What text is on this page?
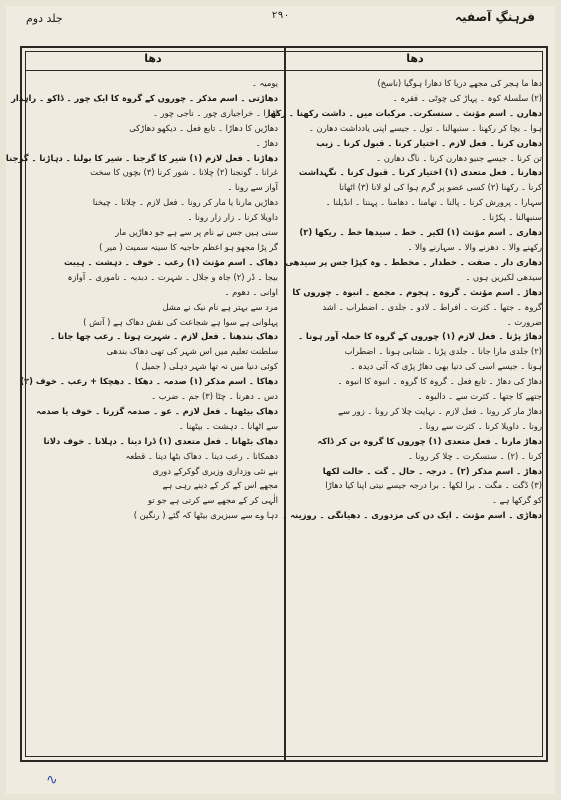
جلد دوم	۲۹۰	فرہنگِ آصفیہ
دھا	دھا
دھا ما ہجر کی مجھے دریا کا دھارا ہوگیا (ناسخ)
(۲) سلسلۂ کوہ ۔ پہاڑ کی چوٹی ۔ فقرہ ۔
دھارن ۔ اسم مؤنث ۔ سنسکرت۔ مرکبات میں ۔ داشت رکھنا ۔ رکھا
ہوا ۔ بچا کر رکھنا ۔ سنبھالنا ۔ تول ۔ جیسے اپنی یادداشت دھارن ۔
دھارن کرنا ۔ فعل لازم ۔ اختیار کرنا ۔ قبول کرنا ۔ زیب
تن کرنا ۔ جیسے جنیو دھارن کرنا ۔ ناگ دھارن ۔
دھارنا ۔ فعل متعدی (۱) اختیار کرنا ۔ قبول کرنا ۔ نگہداشت
کرنا ۔ رکھنا (۲) کسی عضو پر گرم ہوا کی لو لانا (۳) اٹھانا
سہارا ۔ پرورش کرنا ۔ پالنا ۔ تھامنا ۔ دھامنا ۔ پہننا ۔ انڈیلنا ۔
سنبھالنا ۔ پکڑنا ۔
دھاری ۔ اسم مؤنث (۱) لکیر ۔ خط ۔ سیدھا خط ۔ ریکھا (۲)
رکھنے والا ۔ دھرنے والا ۔ سہارنے والا ۔
دھاری دار ۔ صفت ۔ خطدار ۔ مخطط ۔ وہ کپڑا جس پر سیدھی
سیدھی لکیریں ہوں ۔
دھاڑ ۔ اسم مؤنث ۔ گروہ ۔ ہجوم ۔ مجمع ۔ انبوہ ۔ چوروں کا
گروہ ۔ جتھا ۔ کثرت ۔ افراط ۔ لادو ۔ جلدی ۔ اضطراب ۔ اشد
ضرورت ۔
دھاڑ پڑنا ۔ فعل لازم (۱) چوروں کے گروہ کا حملہ آور ہونا ۔
(۲) جلدی مارا جانا ۔ جلدی پڑنا ۔ شتابی ہونا ۔ اضطراب
ہونا ۔ جیسے اسی کی دنیا بھی دھاڑ پڑی کہ آئی دیدہ ۔
دھاڑ کی دھاڑ ۔ تابع فعل ۔ گروہ کا گروہ ۔ انبوہ کا انبوہ ۔
جتھے کا جتھا ۔ کثرت سے ۔ دالبوہ ۔
دھاڑ مار کر رونا ۔ فعل لازم ۔ نہایت چلا کر رونا ۔ زور سے
رونا ۔ داویلا کرنا ۔ کثرت سے رونا ۔
دھاڑ مارنا ۔ فعل متعدی (۱) چوروں کا گروہ بن کر ڈاکہ
کرنا ۔ (۲) ۔ سنسکرت ۔ چلا کر رونا ۔
دھاڑ ۔ اسم مذکر (۲) ۔ درجہ ۔ حال ۔ گت ۔ حالت لکھا
(۳) ڈگت ۔ مگت ۔ برا لکھا ۔ برا درجہ جیسے نیتی اپنا کیا دھاڑا
کو گرکھا ہے ۔
دھاڑی ۔ اسم مؤنث ۔ ایک دن کی مزدوری ۔ دھیانگی ۔ روزینہ ۔
یومیہ ۔
دھاڑتی ۔ اسم مذکر ۔ چوروں کے گروہ کا ایک چور ۔ ڈاکو ۔ راہدار
لٹیرا ۔ خراجیاری چور ۔ ناجی چور ۔
دھاڑیں کا دھاڑا ۔ تابع فعل ۔ دیکھو دھاڑکی
دھاڑ ۔
دھاڑنا ۔ فعل لازم (۱) شیر کا گرجنا ۔ شیر کا بولنا ۔ دہاڑنا ۔ گرجنا
غرانا ۔ گونجنا (۲) چلانا ۔ شور کرنا (۳) بچوں کا سخت
آواز سے رونا ۔
دھاڑیں مارنا یا مار کر رونا ۔ فعل لازم ۔ چلانا ۔ چیخنا
داویلا کرنا ۔ زار زار رونا ۔
سنی ہیں جس نے نام پر سے ہے جو دھاڑیں مار
گر پڑا مجھو ہو اعظم حاجیہ کا سینہ سمیت ( میر )
دھاک ۔ اسم مؤنث (۱) رعب ۔ خوف ۔ دہشت ۔ ہیبت
بیجا ۔ ڈر (۲) جاہ و جلال ۔ شہرت ۔ دبدبہ ۔ ناموری ۔ آوازہ
اوانی ۔ دھوم ۔
مرد سے بہتر ہے نام نیک نے مشل
پہلوانی ہے سوا ہے شجاعت کی نقش دھاک ہے ( آتش )
دھاک بندھنا ۔ فعل لازم ۔ شہرت ہونا ۔ رعب چھا جانا ۔
سلطنت تعلیم میں اس شہر کی تھی دھاک بندھی
کوئی دنیا میں نہ تھا شہر دہلی ( جمیل )
دھاکا ۔ اسم مذکر (۱) صدمہ ۔ دھکا ۔ دھچکا + رعب ۔ خوف (۲)
دس ۔ دھرنا ۔ چٹا (۳) جم ۔ ضرب ۔
دھاک بیٹھنا ۔ فعل لازم ۔ عو ۔ صدمہ گزرنا ۔ خوف یا صدمہ
سے اٹھانا ۔ دہشت ۔ بیٹھنا ۔
دھاک بٹھانا ۔ فعل متعدی (۱) ڈرا دینا ۔ دہلانا ۔ خوف دلانا
دھمکانا ۔ رعب دینا ۔ دھاک بٹھا دینا ۔ قطعہ
بنے نئی وزداری وزیری گوکرکے دوری
مجھے اس کے کر کے دینے رہی ہے
الٰہی کر کے مجھے سے کرتی ہے جو تو
دہا وے سے سبزیری بیٹھا کہ گئے ( رنگین )
∿
